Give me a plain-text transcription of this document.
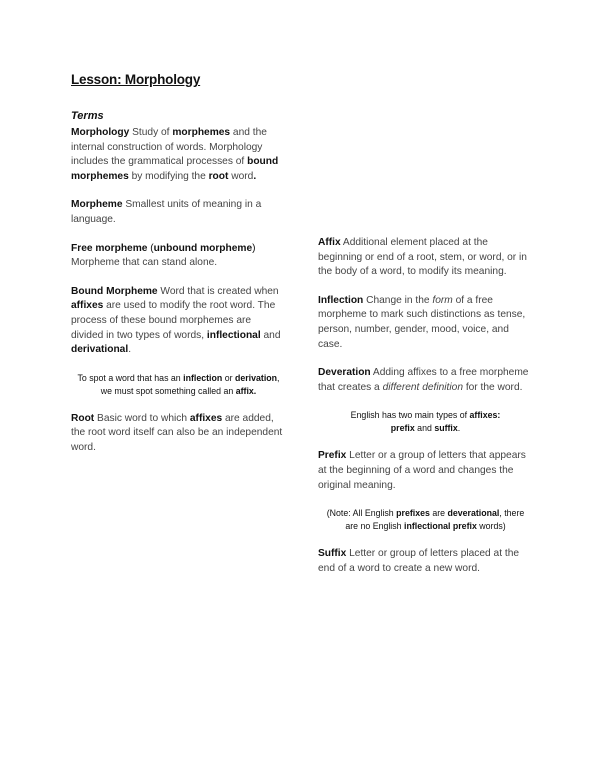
Lesson: Morphology
Terms

Morphology Study of morphemes and the internal construction of words. Morphology includes the grammatical processes of bound morphemes by modifying the root word.

Morpheme Smallest units of meaning in a language.

Free morpheme (unbound morpheme)
Morpheme that can stand alone.

Bound Morpheme Word that is created when affixes are used to modify the root word. The process of these bound morphemes are divided in two types of words, inflectional and derivational.

To spot a word that has an inflection or derivation, we must spot something called an affix.

Root Basic word to which affixes are added, the root word itself can also be an independent word.

Affix Additional element placed at the beginning or end of a root, stem, or word, or in the body of a word, to modify its meaning.

Inflection Change in the form of a free morpheme to mark such distinctions as tense, person, number, gender, mood, voice, and case.

Deveration Adding affixes to a free morpheme that creates a different definition for the word.

English has two main types of affixes:
prefix and suffix.

Prefix Letter or a group of letters that appears at the beginning of a word and changes the original meaning.

(Note: All English prefixes are deverational, there are no English inflectional prefix words)

Suffix Letter or group of letters placed at the end of a word to create a new word.
